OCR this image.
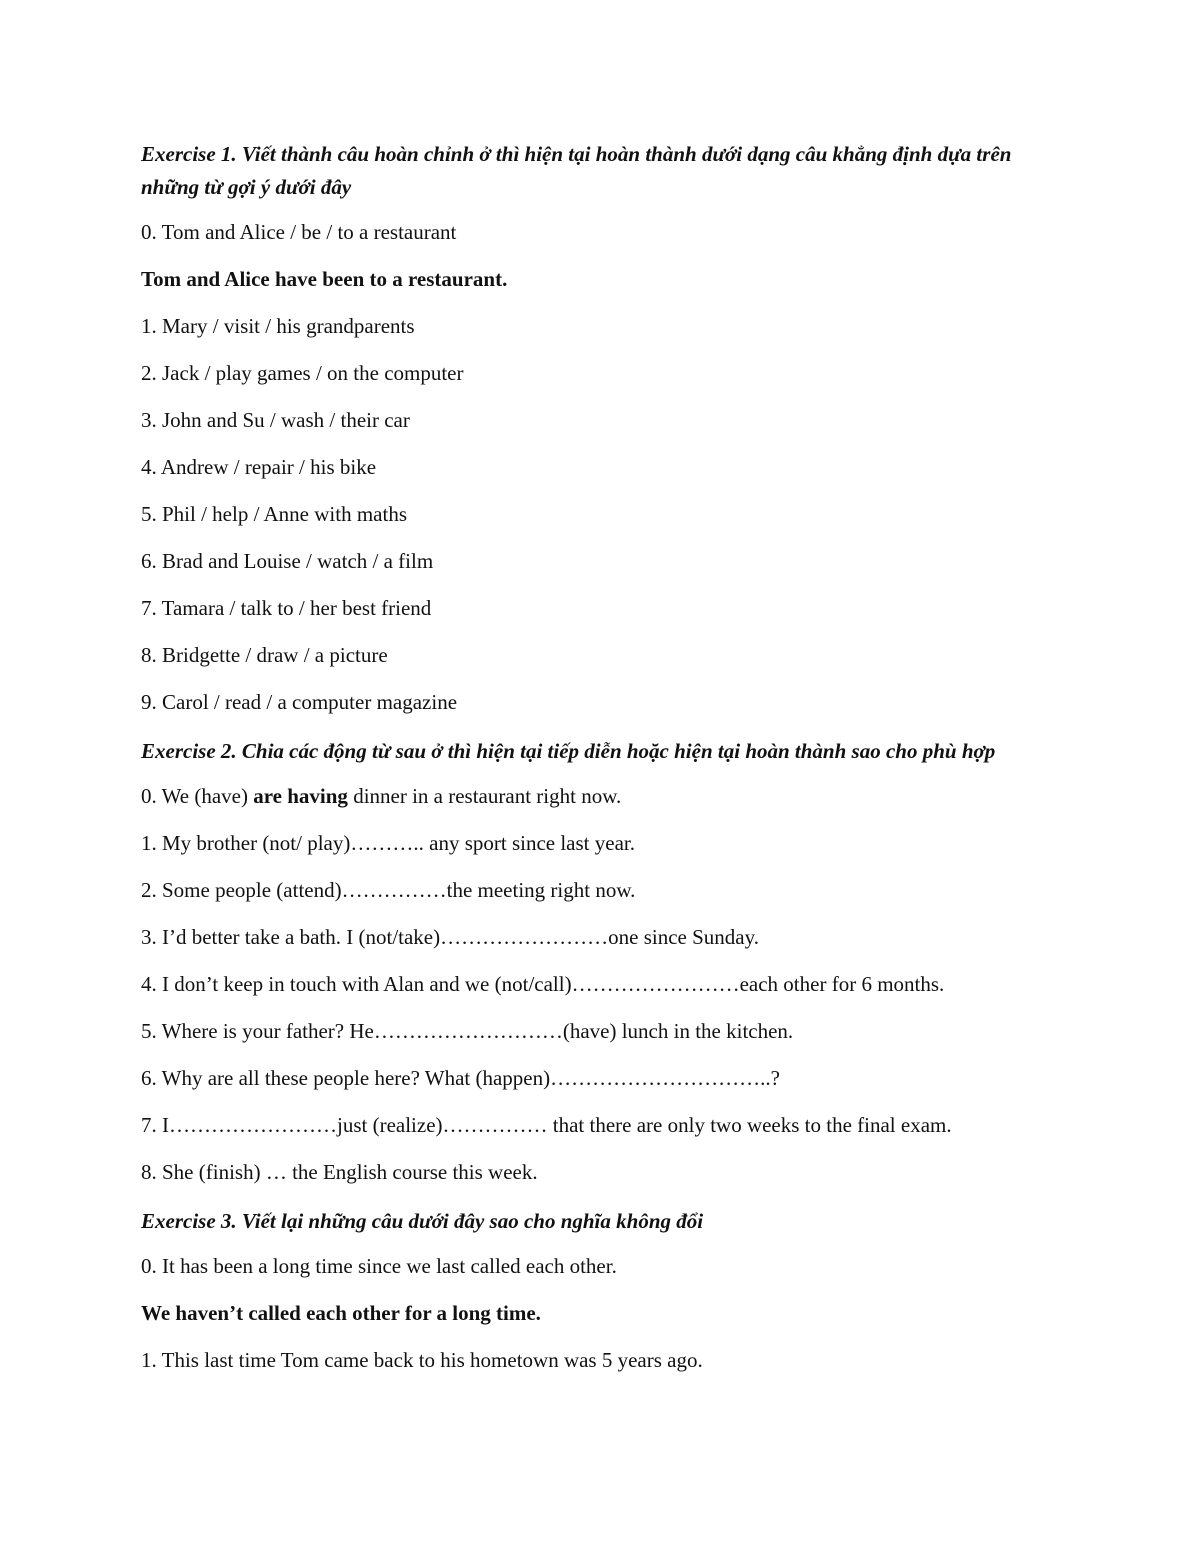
Exercise 1. Viết thành câu hoàn chỉnh ở thì hiện tại hoàn thành dưới dạng câu khẳng định dựa trên những từ gợi ý dưới đây
0. Tom and Alice / be / to a restaurant
Tom and Alice have been to a restaurant.
1. Mary / visit / his grandparents
2. Jack / play games / on the computer
3. John and Su / wash / their car
4. Andrew / repair / his bike
5. Phil / help / Anne with maths
6. Brad and Louise / watch / a film
7. Tamara / talk to / her best friend
8. Bridgette / draw / a picture
9. Carol / read / a computer magazine
Exercise 2. Chia các động từ sau ở thì hiện tại tiếp diễn hoặc hiện tại hoàn thành sao cho phù hợp
0. We (have) are having dinner in a restaurant right now.
1. My brother (not/ play)……….. any sport since last year.
2. Some people (attend)……………the meeting right now.
3. I’d better take a bath. I (not/take)……………………one since Sunday.
4. I don’t keep in touch with Alan and we (not/call)……………………each other for 6 months.
5. Where is your father? He………………………(have) lunch in the kitchen.
6. Why are all these people here? What (happen)…………………………..?
7. I……………………just (realize)…………… that there are only two weeks to the final exam.
8. She (finish) … the English course this week.
Exercise 3. Viết lại những câu dưới đây sao cho nghĩa không đổi
0. It has been a long time since we last called each other.
We haven’t called each other for a long time.
1. This last time Tom came back to his hometown was 5 years ago.
